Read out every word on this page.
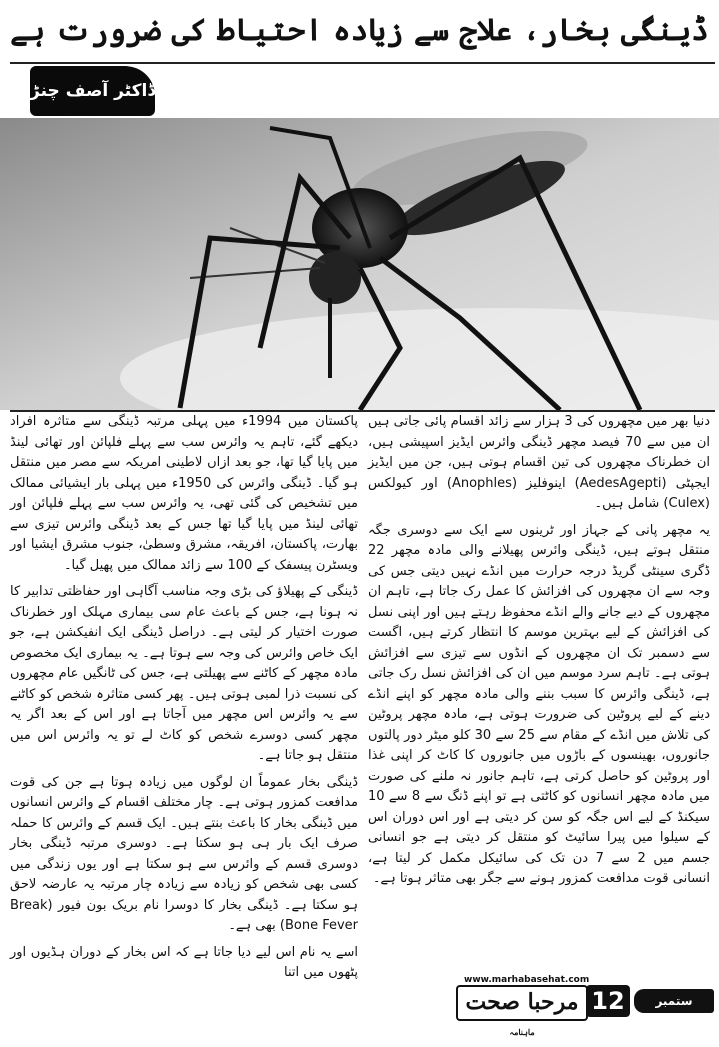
ڈینگی بخار، علاج سے زیادہ احتیاط کی ضرورت ہے
ڈاکٹر آصف چنڑ

دنیا بھر میں مچھروں کی 3 ہزار سے زائد اقسام پائی جاتی ہیں ان میں سے 70 فیصد مچھر ڈینگی وائرس ایڈیز اسپیشی ہیں، ان خطرناک مچھروں کی تین اقسام ہوتی ہیں، جن میں ایڈیز ایجپٹی (AedesAgepti) اینوفلیز (Anophles) اور کیولکس (Culex) شامل ہیں۔

یہ مچھر پانی کے جہاز اور ٹرینوں سے ایک سے دوسری جگہ منتقل ہوتے ہیں، ڈینگی وائرس پھیلانے والی مادہ مچھر 22 ڈگری سینٹی گریڈ درجہ حرارت میں انڈے نہیں دیتی جس کی وجہ سے ان مچھروں کی افزائش کا عمل رک جاتا ہے، تاہم ان مچھروں کے دیے جانے والے انڈے محفوظ رہتے ہیں اور اپنی نسل کی افزائش کے لیے بہترین موسم کا انتظار کرتے ہیں، اگست سے دسمبر تک ان مچھروں کے انڈوں سے تیزی سے افزائش ہوتی ہے۔ تاہم سرد موسم میں ان کی افزائش نسل رک جاتی ہے، ڈینگی وائرس کا سبب بننے والی مادہ مچھر کو اپنے انڈے دینے کے لیے پروٹین کی ضرورت ہوتی ہے، مادہ مچھر پروٹین کی تلاش میں انڈے کے مقام سے 25 سے 30 کلو میٹر دور پالتوں جانوروں، بھینسوں کے باڑوں میں جانوروں کا کاٹ کر اپنی غذا اور پروٹین کو حاصل کرتی ہے، تاہم جانور نہ ملنے کی صورت میں مادہ مچھر انسانوں کو کاٹتی ہے تو اپنے ڈنگ سے 8 سے 10 سیکنڈ کے لیے اس جگہ کو سن کر دیتی ہے اور اس دوران اس کے سیلوا میں پیرا سائیٹ کو منتقل کر دیتی ہے جو انسانی جسم میں 2 سے 7 دن تک کی سائیکل مکمل کر لیتا ہے، انسانی قوت مدافعت کمزور ہونے سے جگر بھی متاثر ہوتا ہے۔

پاکستان میں 1994ء میں پہلی مرتبہ ڈینگی سے متاثرہ افراد دیکھے گئے، تاہم یہ وائرس سب سے پہلے فلپائن اور تھائی لینڈ میں پایا گیا تھا، جو بعد ازاں لاطینی امریکہ سے مصر میں منتقل ہو گیا۔ ڈینگی وائرس کی 1950ء میں پہلی بار ایشیائی ممالک میں تشخیص کی گئی تھی، یہ وائرس سب سے پہلے فلپائن اور تھائی لینڈ میں پایا گیا تھا جس کے بعد ڈینگی وائرس تیزی سے بھارت، پاکستان، افریقہ، مشرق وسطیٰ، جنوب مشرق ایشیا اور ویسٹرن پیسفک کے 100 سے زائد ممالک میں پھیل گیا۔

ڈینگی کے پھیلاؤ کی بڑی وجہ مناسب آگاہی اور حفاظتی تدابیر کا نہ ہونا ہے، جس کے باعث عام سی بیماری مہلک اور خطرناک صورت اختیار کر لیتی ہے۔ دراصل ڈینگی ایک انفیکشن ہے، جو ایک خاص وائرس کی وجہ سے ہوتا ہے۔ یہ بیماری ایک مخصوص مادہ مچھر کے کاٹنے سے پھیلتی ہے، جس کی ٹانگیں عام مچھروں کی نسبت ذرا لمبی ہوتی ہیں۔ پھر کسی متاثرہ شخص کو کاٹنے سے یہ وائرس اس مچھر میں آجاتا ہے اور اس کے بعد اگر یہ مچھر کسی دوسرے شخص کو کاٹ لے تو یہ وائرس اس میں منتقل ہو جاتا ہے۔

ڈینگی بخار عموماً ان لوگوں میں زیادہ ہوتا ہے جن کی قوت مدافعت کمزور ہوتی ہے۔ چار مختلف اقسام کے وائرس انسانوں میں ڈینگی بخار کا باعث بنتے ہیں۔ ایک قسم کے وائرس کا حملہ صرف ایک بار ہی ہو سکتا ہے۔ دوسری مرتبہ ڈینگی بخار دوسری قسم کے وائرس سے ہو سکتا ہے اور یوں زندگی میں کسی بھی شخص کو زیادہ سے زیادہ چار مرتبہ یہ عارضہ لاحق ہو سکتا ہے۔ ڈینگی بخار کا دوسرا نام بریک بون فیور (Break Bone Fever) بھی ہے۔

اسے یہ نام اس لیے دیا جاتا ہے کہ اس بخار کے دوران ہڈیوں اور پٹھوں میں اتنا	www.marhabasehat.com
مرحبا صحت $^{ماہنامہ}$
12	ستمبر 2018ء
